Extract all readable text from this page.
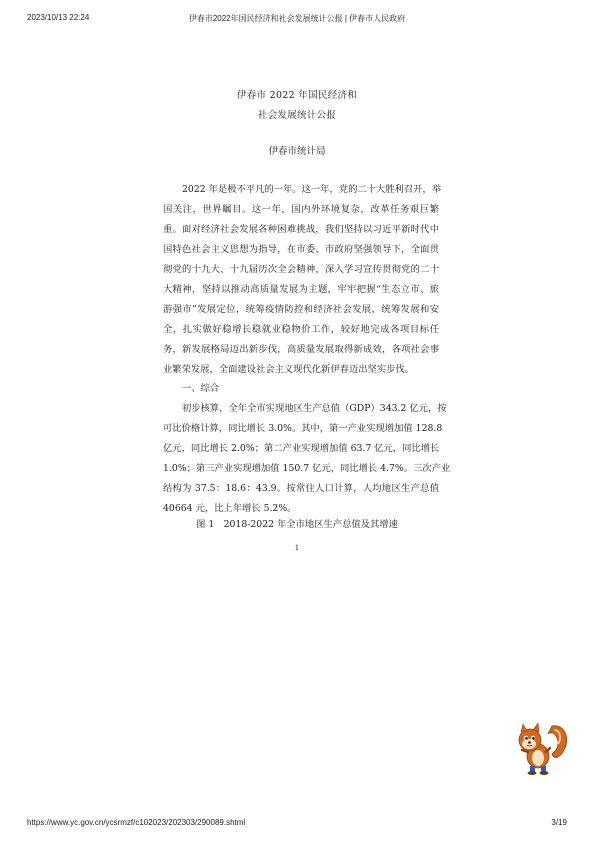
伊春市2022年国民经济和社会发展统计公报 | 伊春市人民政府
2023/10/13 22:24
伊春市 2022 年国民经济和
社会发展统计公报
伊春市统计局
2022 年是极不平凡的一年。这一年，党的二十大胜利召开，举
国关注，世界瞩目。这一年，国内外环境复杂，改革任务艰巨繁
重。面对经济社会发展各种困难挑战，我们坚持以习近平新时代中
国特色社会主义思想为指导，在市委、市政府坚强领导下，全面贯
彻党的十九大、十九届历次全会精神，深入学习宣传贯彻党的二十
大精神，坚持以推动高质量发展为主题，牢牢把握“生态立市、旅
游强市”发展定位，统筹疫情防控和经济社会发展，统筹发展和安
全，扎实做好稳增长稳就业稳物价工作，较好地完成各项目标任
务，新发展格局迈出新步伐，高质量发展取得新成效，各项社会事
业繁荣发展，全面建设社会主义现代化新伊春迈出坚实步伐。
一、综合
初步核算，全年全市实现地区生产总值（GDP）343.2 亿元，按
可比价格计算，同比增长 3.0%。其中，第一产业实现增加值 128.8
亿元，同比增长 2.0%；第二产业实现增加值 63.7 亿元，同比增长
1.0%；第三产业实现增加值 150.7 亿元，同比增长 4.7%。三次产业
结构为 37.5：18.6：43.9。按常住人口计算，人均地区生产总值
40664 元，比上年增长 5.2%。
图 1　2018-2022 年全市地区生产总值及其增速
1
https://www.yc.gov.cn/ycsrmzf/c102023/202303/290089.shtml	3/19
